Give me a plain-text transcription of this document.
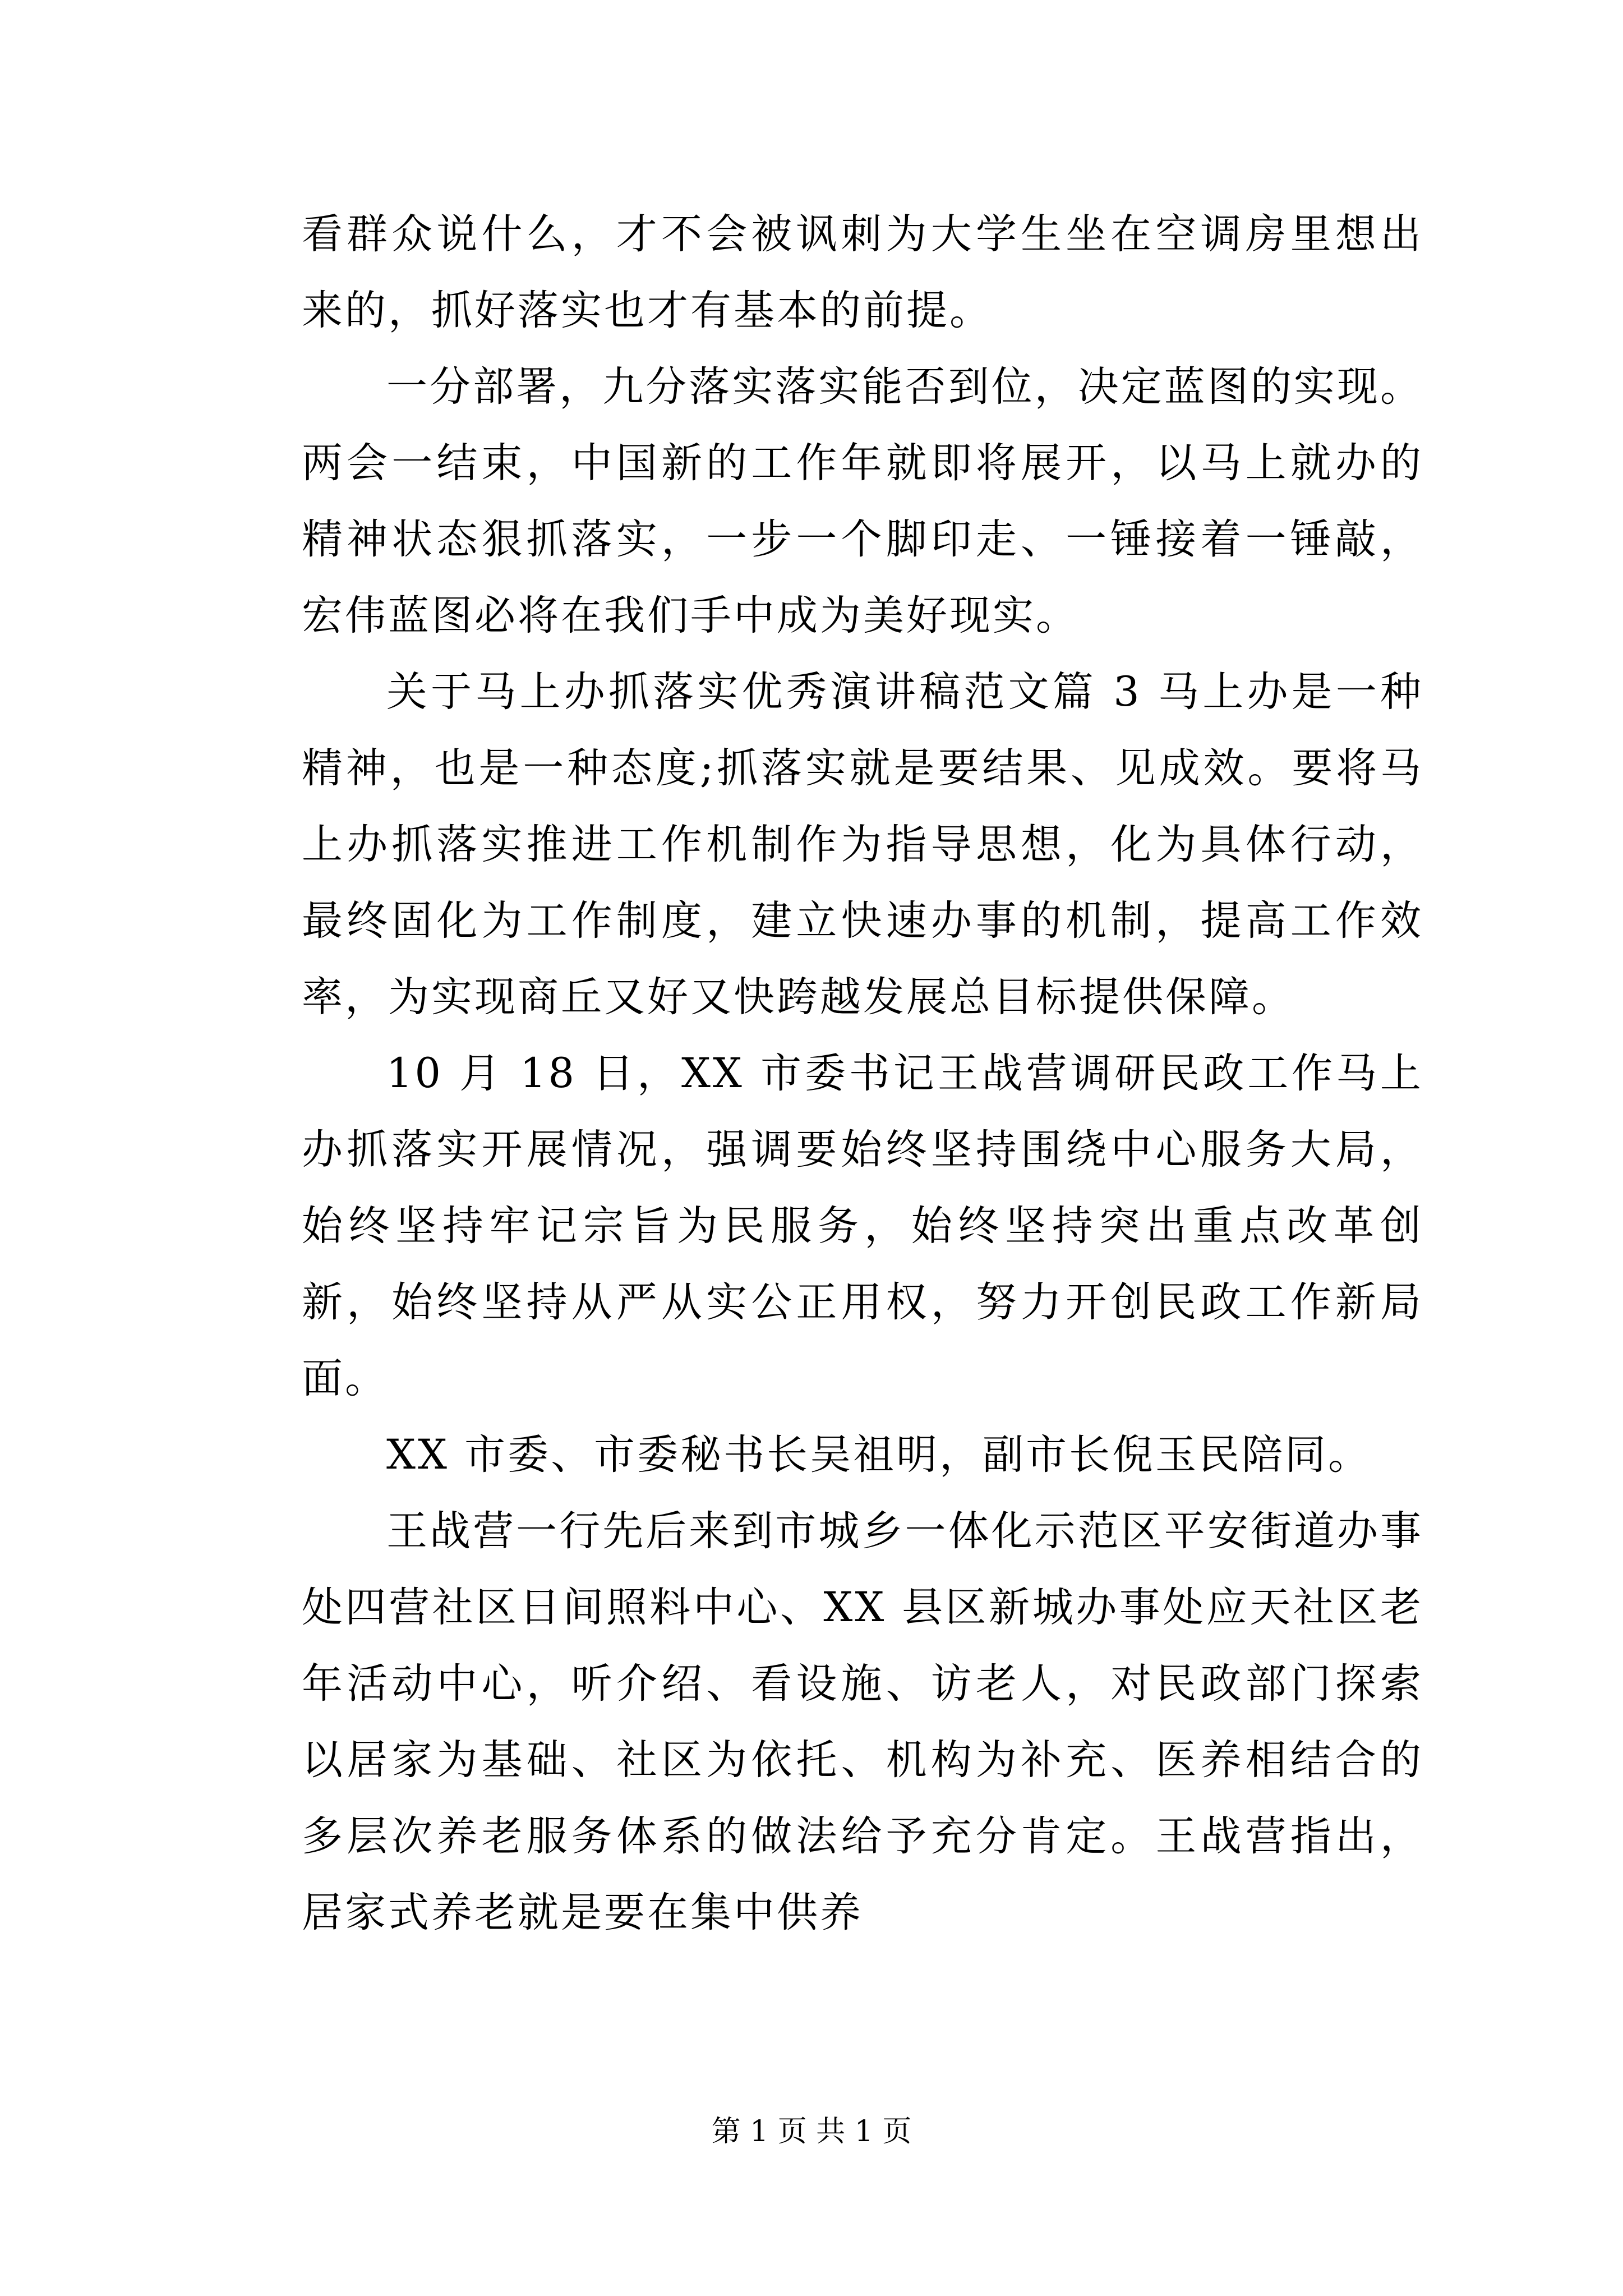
看群众说什么，才不会被讽刺为大学生坐在空调房里想出来的，抓好落实也才有基本的前提。

一分部署，九分落实落实能否到位，决定蓝图的实现。两会一结束，中国新的工作年就即将展开，以马上就办的精神状态狠抓落实，一步一个脚印走、一锤接着一锤敲，宏伟蓝图必将在我们手中成为美好现实。

关于马上办抓落实优秀演讲稿范文篇 3 马上办是一种精神，也是一种态度;抓落实就是要结果、见成效。要将马上办抓落实推进工作机制作为指导思想，化为具体行动，最终固化为工作制度，建立快速办事的机制，提高工作效率，为实现商丘又好又快跨越发展总目标提供保障。

10 月 18 日，XX 市委书记王战营调研民政工作马上办抓落实开展情况，强调要始终坚持围绕中心服务大局，始终坚持牢记宗旨为民服务，始终坚持突出重点改革创新，始终坚持从严从实公正用权，努力开创民政工作新局面。

XX 市委、市委秘书长吴祖明，副市长倪玉民陪同。

王战营一行先后来到市城乡一体化示范区平安街道办事处四营社区日间照料中心、XX 县区新城办事处应天社区老年活动中心，听介绍、看设施、访老人，对民政部门探索以居家为基础、社区为依托、机构为补充、医养相结合的多层次养老服务体系的做法给予充分肯定。王战营指出，居家式养老就是要在集中供养

第 1 页 共 1 页
